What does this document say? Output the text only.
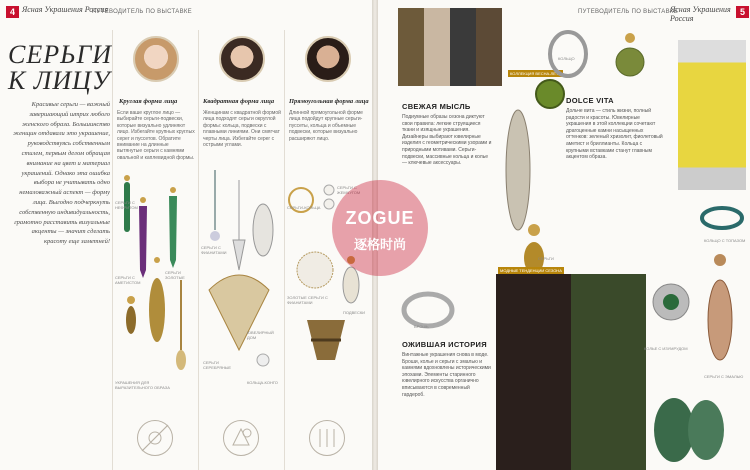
4 Ясная Украшения Россия
ПУТЕВОДИТЕЛЬ ПО ВЫСТАВКЕ
СЕРЬГИ К ЛИЦУ
Красивые серьги — важный завершающий штрих любого женского образа. Большинство женщин отдавали это украшение, руководствуясь собственным стилем, первым делом обращая внимание на цвет и материал украшений. Однако эта ошибка выбора не учитывать одно немаловажный аспект — форму лица. Выгодно подчеркнуть собственную индивидуальность, грамотно расставить визуальные акценты — значит сделать красоту еще заметней!
Круглая форма лица
Если ваше круглое лицо — выбирайте серьги-подвески, которые визуально удлиняют лицо. Избегайте крупных круглых серег и пуссетов. Обратите внимание на длинные вытянутые серьги с камнями овальной и каплевидной формы.
СЕРЬГИ С НЕФРИТОМ
СЕРЬГИ С АМЕТИСТОМ
СЕРЬГИ ЗОЛОТЫЕ
УКРАШЕНИЯ ДЛЯ ВЫРАЗИТЕЛЬНОГО ОБРАЗА
Квадратная форма лица
Женщинам с квадратной формой лица подходят серьги округлой формы: кольца, подвески с плавными линиями. Они смягчат черты лица. Избегайте серег с острыми углами.
СЕРЬГИ С ФИАНИТАМИ
СЕРЬГИ СЕРЕБРЯНЫЕ
ЮВЕЛИРНЫЙ ДОМ
КОЛЬЦА-КОНГО
Прямоугольная форма лица
Длинной прямоугольной форме лица подойдут крупные серьги-пуссеты, кольца и объемные подвески, которые визуально расширяют лицо.
СЕРЬГИ-КОЛЬЦА
СЕРЬГИ С ЖЕМЧУГОМ
ЗОЛОТЫЕ СЕРЬГИ С ФИАНИТАМИ
ПОДВЕСКИ
ПУТЕВОДИТЕЛЬ ПО ВЫСТАВКЕ
Ясная Украшения Россия
5
КОЛЛЕКЦИЯ ВЕСНА-ЛЕТО
СВЕЖАЯ МЫСЛЬ
Подиумные образы сезона диктуют свои правила: легкие струящиеся ткани и изящные украшения. Дизайнеры выбирают ювелирные изделия с геометрическими узорами и природными мотивами. Серьги-подвески, массивные кольца и колье — ключевые аксессуары.
DOLCE VITA
Дольче вита — стиль жизни, полный радости и красоты. Ювелирные украшения в этой коллекции сочетают драгоценные камни насыщенных оттенков: зеленый хризолит, фиолетовый аметист и бриллианты. Кольца с крупными вставками станут главным акцентом образа.
ОЖИВШАЯ ИСТОРИЯ
Винтажные украшения снова в моде. Броши, колье и серьги с эмалью и камнями вдохновлены историческими эпохами. Элементы старинного ювелирного искусства органично вписываются в современный гардероб.
МОДНЫЕ ТЕНДЕНЦИИ СЕЗОНА
КОЛЬЦО
СЕРЬГИ
БРОШЬ
КОЛЬЕ С ИЗУМРУДОМ
СЕРЬГИ С ЭМАЛЬЮ
КОЛЬЦО С ТОПАЗОМ
ZOGUE
逐格时尚
